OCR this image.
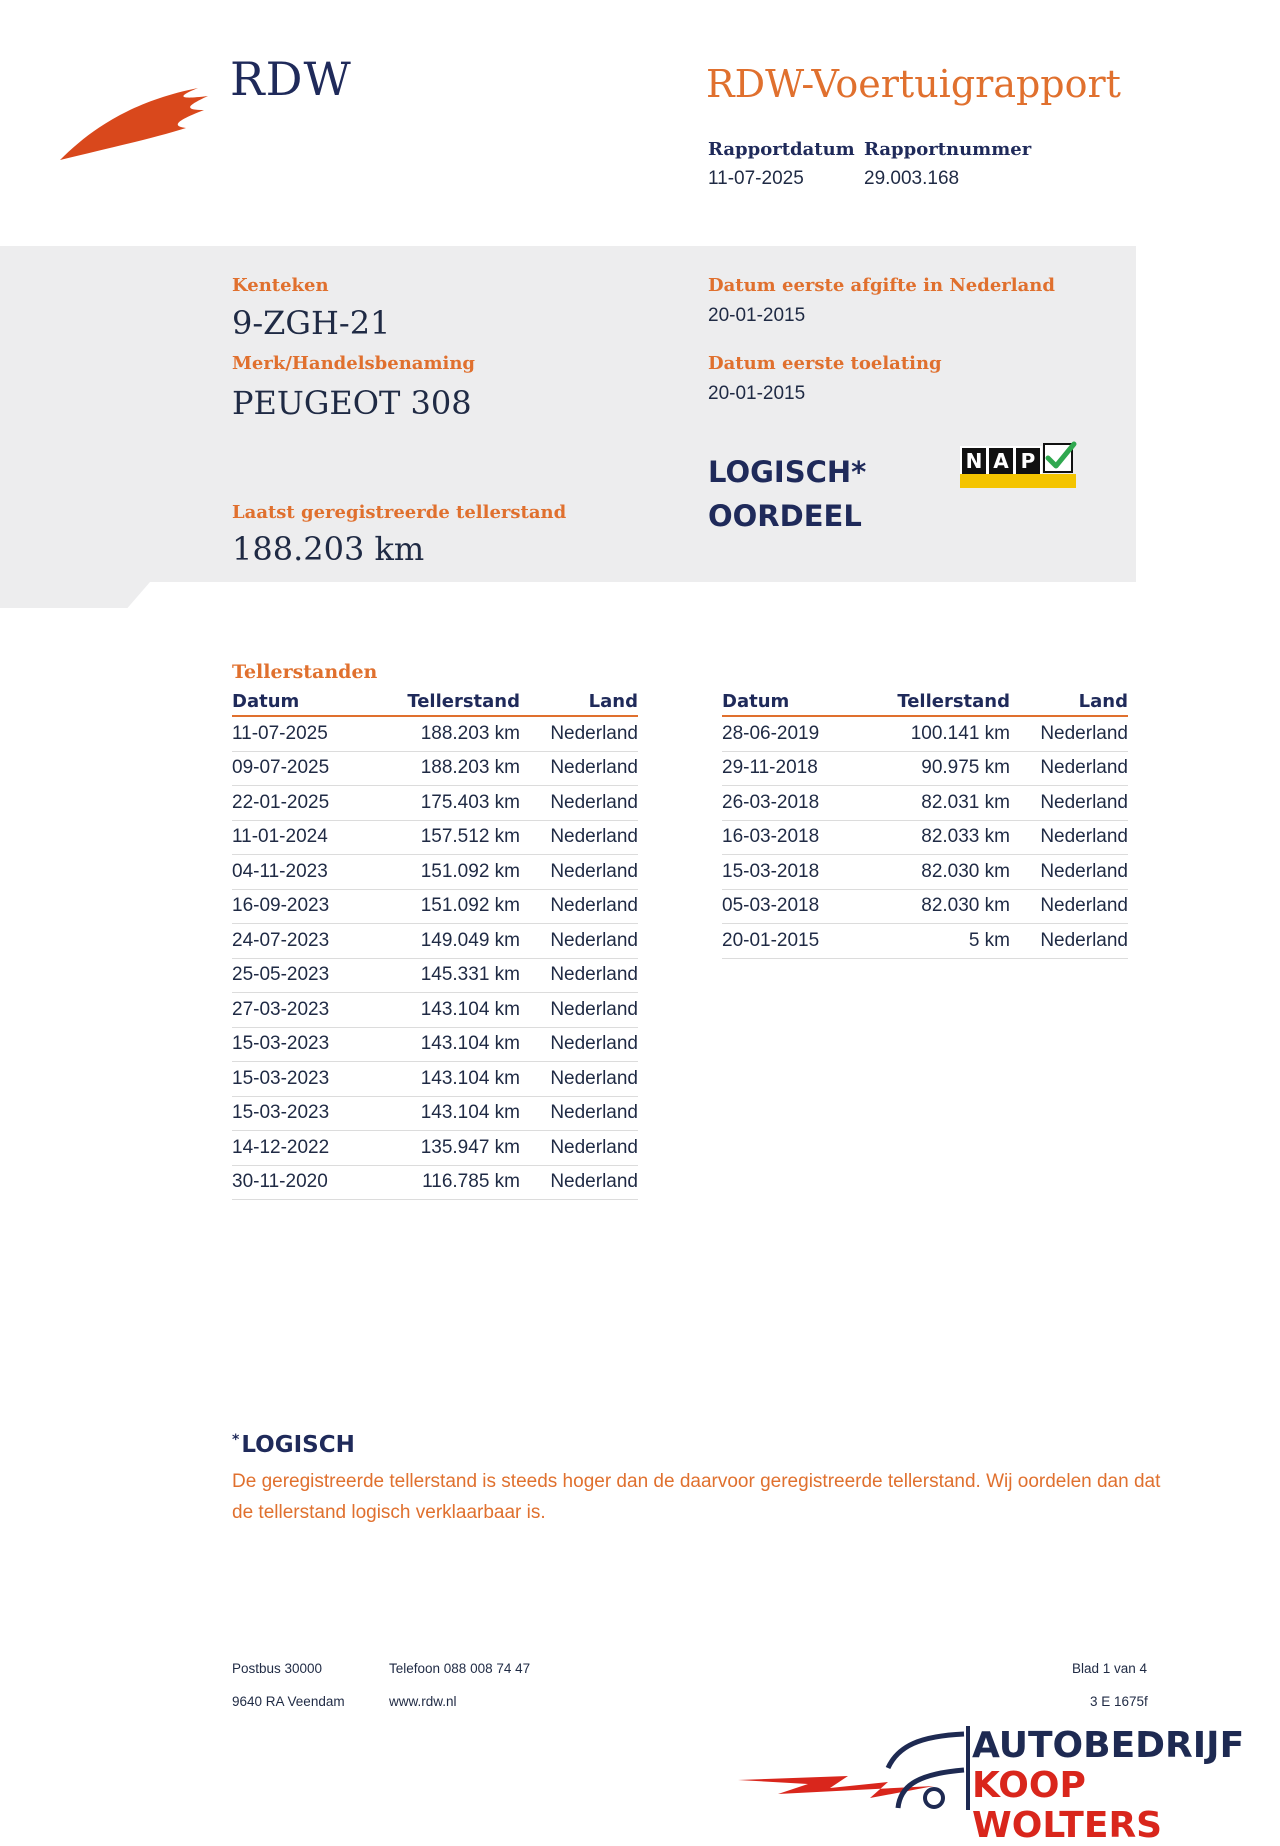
RDW	RDW-Voertuigrapport
Rapportdatum
11-07-2025
Rapportnummer
29.003.168
Kenteken
9-ZGH-21
Merk/Handelsbenaming
PEUGEOT 308
Datum eerste afgifte in Nederland
20-01-2015
Datum eerste toelating
20-01-2015
Laatst geregistreerde tellerstand
188.203 km
LOGISCH*
OORDEEL
N A P
Tellerstanden
Datum	Tellerstand	Land
11-07-2025	188.203 km	Nederland
09-07-2025	188.203 km	Nederland
22-01-2025	175.403 km	Nederland
11-01-2024	157.512 km	Nederland
04-11-2023	151.092 km	Nederland
16-09-2023	151.092 km	Nederland
24-07-2023	149.049 km	Nederland
25-05-2023	145.331 km	Nederland
27-03-2023	143.104 km	Nederland
15-03-2023	143.104 km	Nederland
15-03-2023	143.104 km	Nederland
15-03-2023	143.104 km	Nederland
14-12-2022	135.947 km	Nederland
30-11-2020	116.785 km	Nederland
Datum	Tellerstand	Land
28-06-2019	100.141 km	Nederland
29-11-2018	90.975 km	Nederland
26-03-2018	82.031 km	Nederland
16-03-2018	82.033 km	Nederland
15-03-2018	82.030 km	Nederland
05-03-2018	82.030 km	Nederland
20-01-2015	5 km	Nederland
*LOGISCH
De geregistreerde tellerstand is steeds hoger dan de daarvoor geregistreerde tellerstand. Wij oordelen dan dat de tellerstand logisch verklaarbaar is.
Postbus 30000
9640 RA Veendam
Telefoon 088 008 74 47
www.rdw.nl
Blad 1 van 4
3 E 1675f
AUTOBEDRIJF
KOOP WOLTERS
